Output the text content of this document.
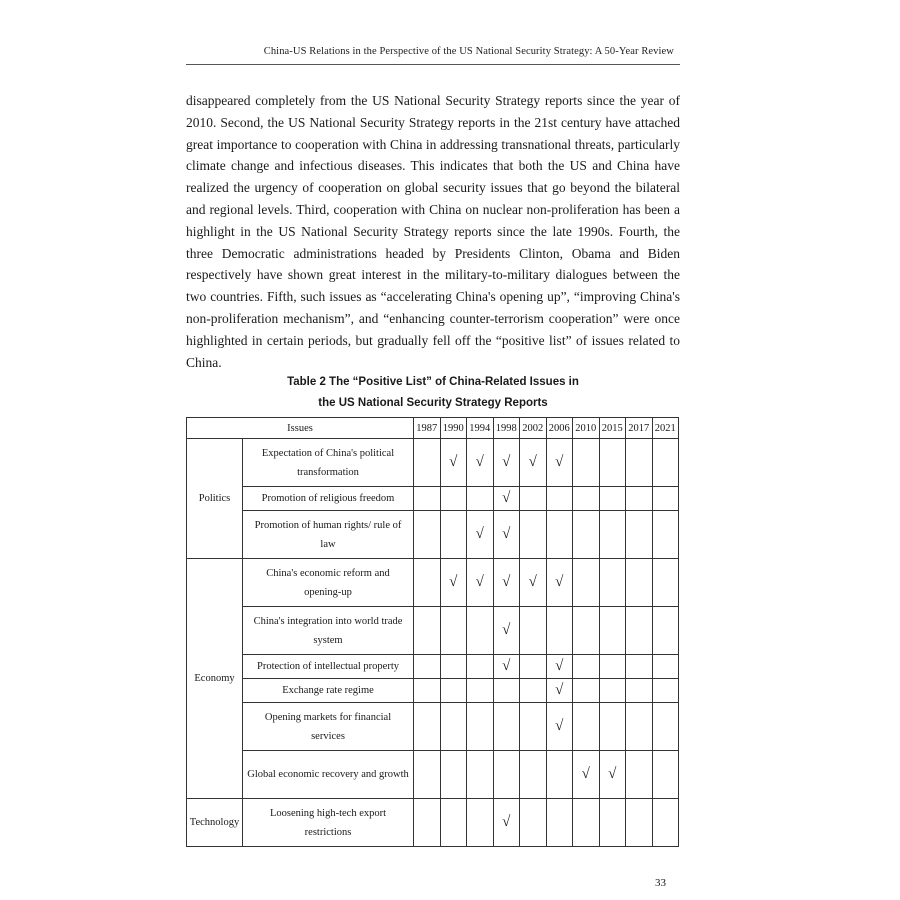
China-US Relations in the Perspective of the US National Security Strategy: A 50-Year Review

disappeared completely from the US National Security Strategy reports since the year of 2010. Second, the US National Security Strategy reports in the 21st century have attached great importance to cooperation with China in addressing transnational threats, particularly climate change and infectious diseases. This indicates that both the US and China have realized the urgency of cooperation on global security issues that go beyond the bilateral and regional levels. Third, cooperation with China on nuclear non-proliferation has been a highlight in the US National Security Strategy reports since the late 1990s. Fourth, the three Democratic administrations headed by Presidents Clinton, Obama and Biden respectively have shown great interest in the military-to-military dialogues between the two countries. Fifth, such issues as “accelerating China's opening up”, “improving China's non-proliferation mechanism”, and “enhancing counter-terrorism cooperation” were once highlighted in certain periods, but gradually fell off the “positive list” of issues related to China.

Table 2 The “Positive List” of China-Related Issues in
the US National Security Strategy Reports
Issues		1987	1990	1994	1998	2002	2006	2010	2015	2017	2021
Politics	Expectation of China's political transformation		√	√	√	√	√				
	Promotion of religious freedom				√						
	Promotion of human rights/ rule of law			√	√						
Economy	China's economic reform and opening-up		√	√	√	√	√				
	China's integration into world trade system				√						
	Protection of intellectual property				√		√				
	Exchange rate regime						√				
	Opening markets for financial services						√				
	Global economic recovery and growth							√	√		
Technology	Loosening high-tech export restrictions				√						
33
